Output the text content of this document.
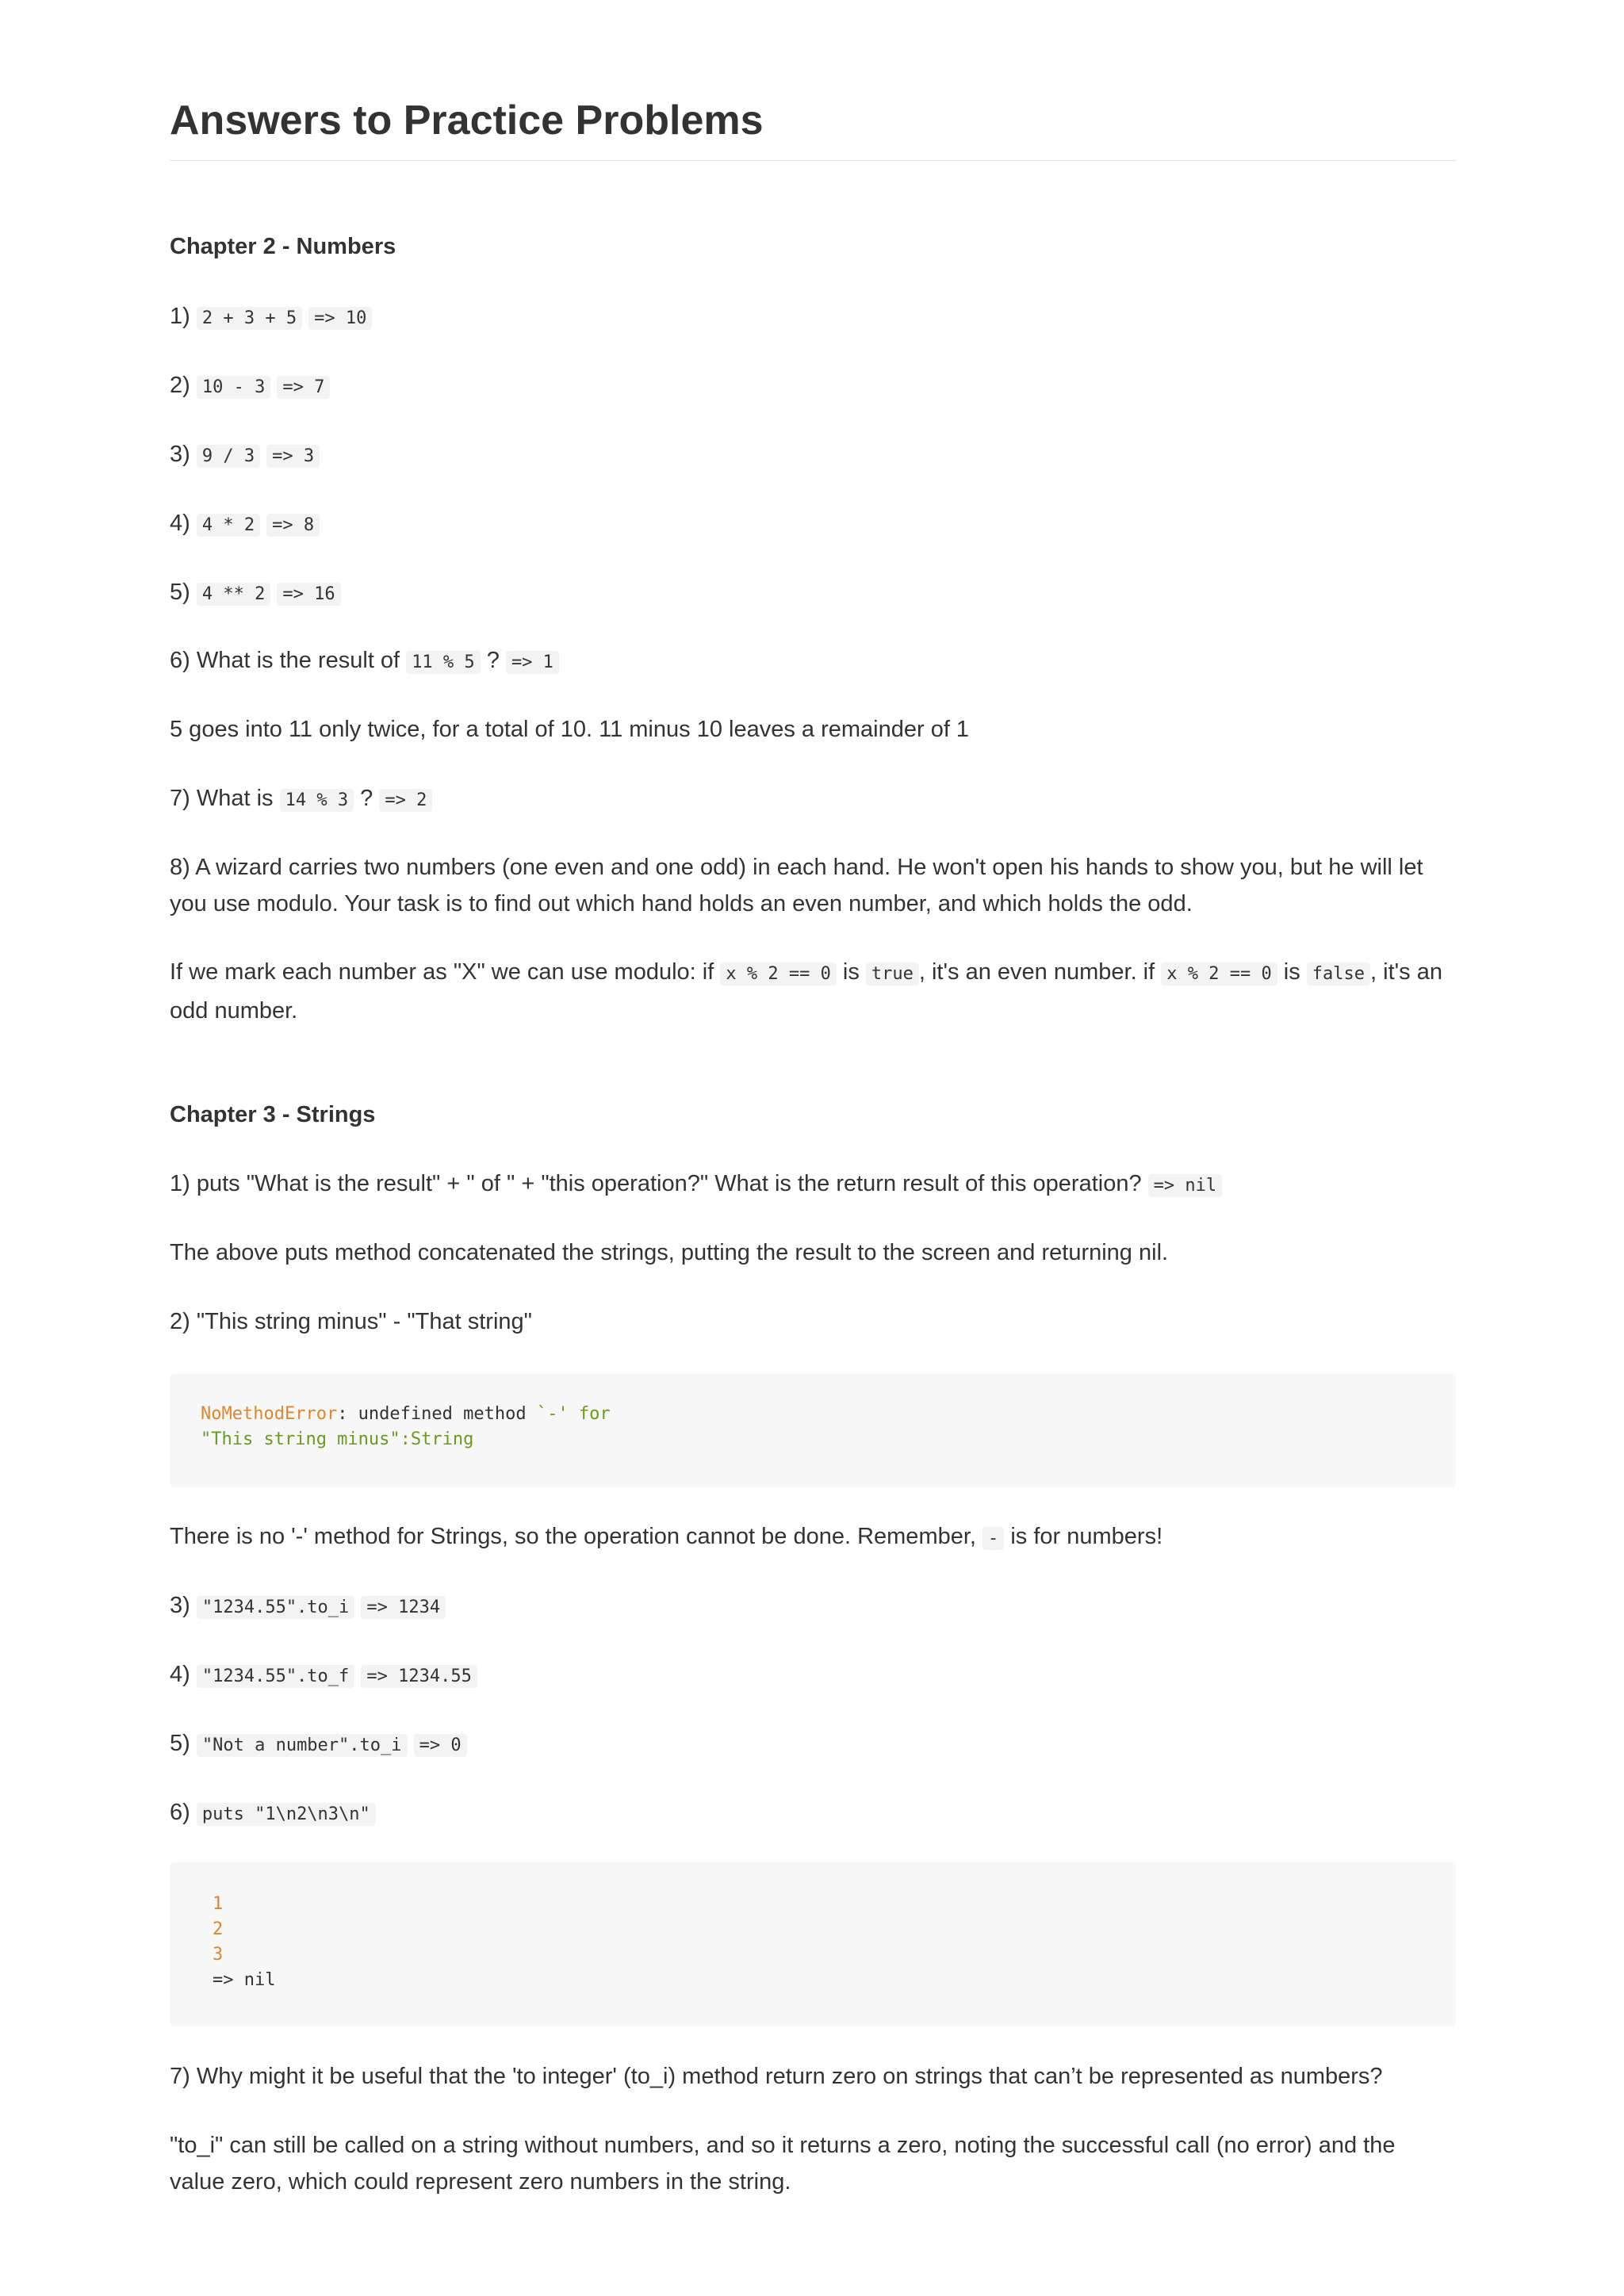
Answers to Practice Problems
Chapter 2 - Numbers
1) 2 + 3 + 5 => 10
2) 10 - 3 => 7
3) 9 / 3 => 3
4) 4 * 2 => 8
5) 4 ** 2 => 16
6) What is the result of 11 % 5 ? => 1
5 goes into 11 only twice, for a total of 10. 11 minus 10 leaves a remainder of 1
7) What is 14 % 3 ? => 2
8) A wizard carries two numbers (one even and one odd) in each hand. He won't open his hands to show you, but he will let you use modulo. Your task is to find out which hand holds an even number, and which holds the odd.
If we mark each number as "X" we can use modulo: if x % 2 == 0 is true , it's an even number. if x % 2 == 0 is false , it's an odd number.
Chapter 3 - Strings
1) puts "What is the result" + " of " + "this operation?" What is the return result of this operation? => nil
The above puts method concatenated the strings, putting the result to the screen and returning nil.
2) "This string minus" - "That string"
NoMethodError: undefined method `-' for
"This string minus":String
There is no '-' method for Strings, so the operation cannot be done. Remember, - is for numbers!
3) "1234.55".to_i => 1234
4) "1234.55".to_f => 1234.55
5) "Not a number".to_i => 0
6) puts "1\n2\n3\n"
1
2
3
=> nil
7) Why might it be useful that the 'to integer' (to_i) method return zero on strings that can’t be represented as numbers?
"to_i" can still be called on a string without numbers, and so it returns a zero, noting the successful call (no error) and the value zero, which could represent zero numbers in the string.
